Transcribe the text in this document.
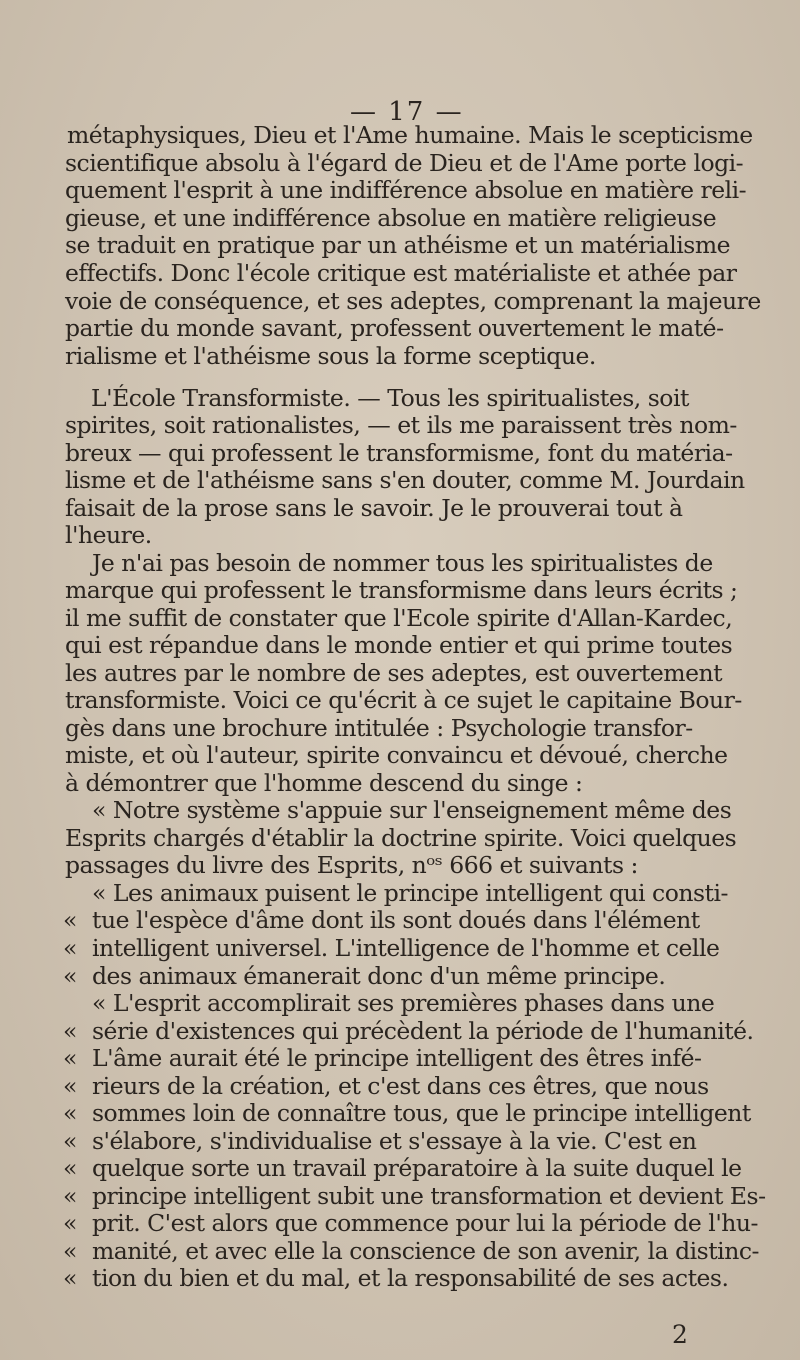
— 17 —
métaphysiques, Dieu et l'Ame humaine. Mais le scepticisme
scientifique absolu à l'égard de Dieu et de l'Ame porte logi-
quement l'esprit à une indifférence absolue en matière reli-
gieuse, et une indifférence absolue en matière religieuse
se traduit en pratique par un athéisme et un matérialisme
effectifs. Donc l'école critique est matérialiste et athée par
voie de conséquence, et ses adeptes, comprenant la majeure
partie du monde savant, professent ouvertement le maté-
rialisme et l'athéisme sous la forme sceptique.
L'École Transformiste. — Tous les spiritualistes, soit
spirites, soit rationalistes, — et ils me paraissent très nom-
breux — qui professent le transformisme, font du matéria-
lisme et de l'athéisme sans s'en douter, comme M. Jourdain
faisait de la prose sans le savoir. Je le prouverai tout à
l'heure.
Je n'ai pas besoin de nommer tous les spiritualistes de
marque qui professent le transformisme dans leurs écrits ;
il me suffit de constater que l'Ecole spirite d'Allan-Kardec,
qui est répandue dans le monde entier et qui prime toutes
les autres par le nombre de ses adeptes, est ouvertement
transformiste. Voici ce qu'écrit à ce sujet le capitaine Bour-
gès dans une brochure intitulée : Psychologie transfor-
miste, et où l'auteur, spirite convaincu et dévoué, cherche
à démontrer que l'homme descend du singe :
« Notre système s'appuie sur l'enseignement même des
Esprits chargés d'établir la doctrine spirite. Voici quelques
passages du livre des Esprits, nᵒˢ 666 et suivants :
« Les animaux puisent le principe intelligent qui consti-
tue l'espèce d'âme dont ils sont doués dans l'élément
«
intelligent universel. L'intelligence de l'homme et celle
«
des animaux émanerait donc d'un même principe.
«
« L'esprit accomplirait ses premières phases dans une
série d'existences qui précèdent la période de l'humanité.
«
L'âme aurait été le principe intelligent des êtres infé-
«
rieurs de la création, et c'est dans ces êtres, que nous
«
sommes loin de connaître tous, que le principe intelligent
«
s'élabore, s'individualise et s'essaye à la vie. C'est en
«
quelque sorte un travail préparatoire à la suite duquel le
«
principe intelligent subit une transformation et devient Es-
«
prit. C'est alors que commence pour lui la période de l'hu-
«
manité, et avec elle la conscience de son avenir, la distinc-
«
tion du bien et du mal, et la responsabilité de ses actes.
«
2
